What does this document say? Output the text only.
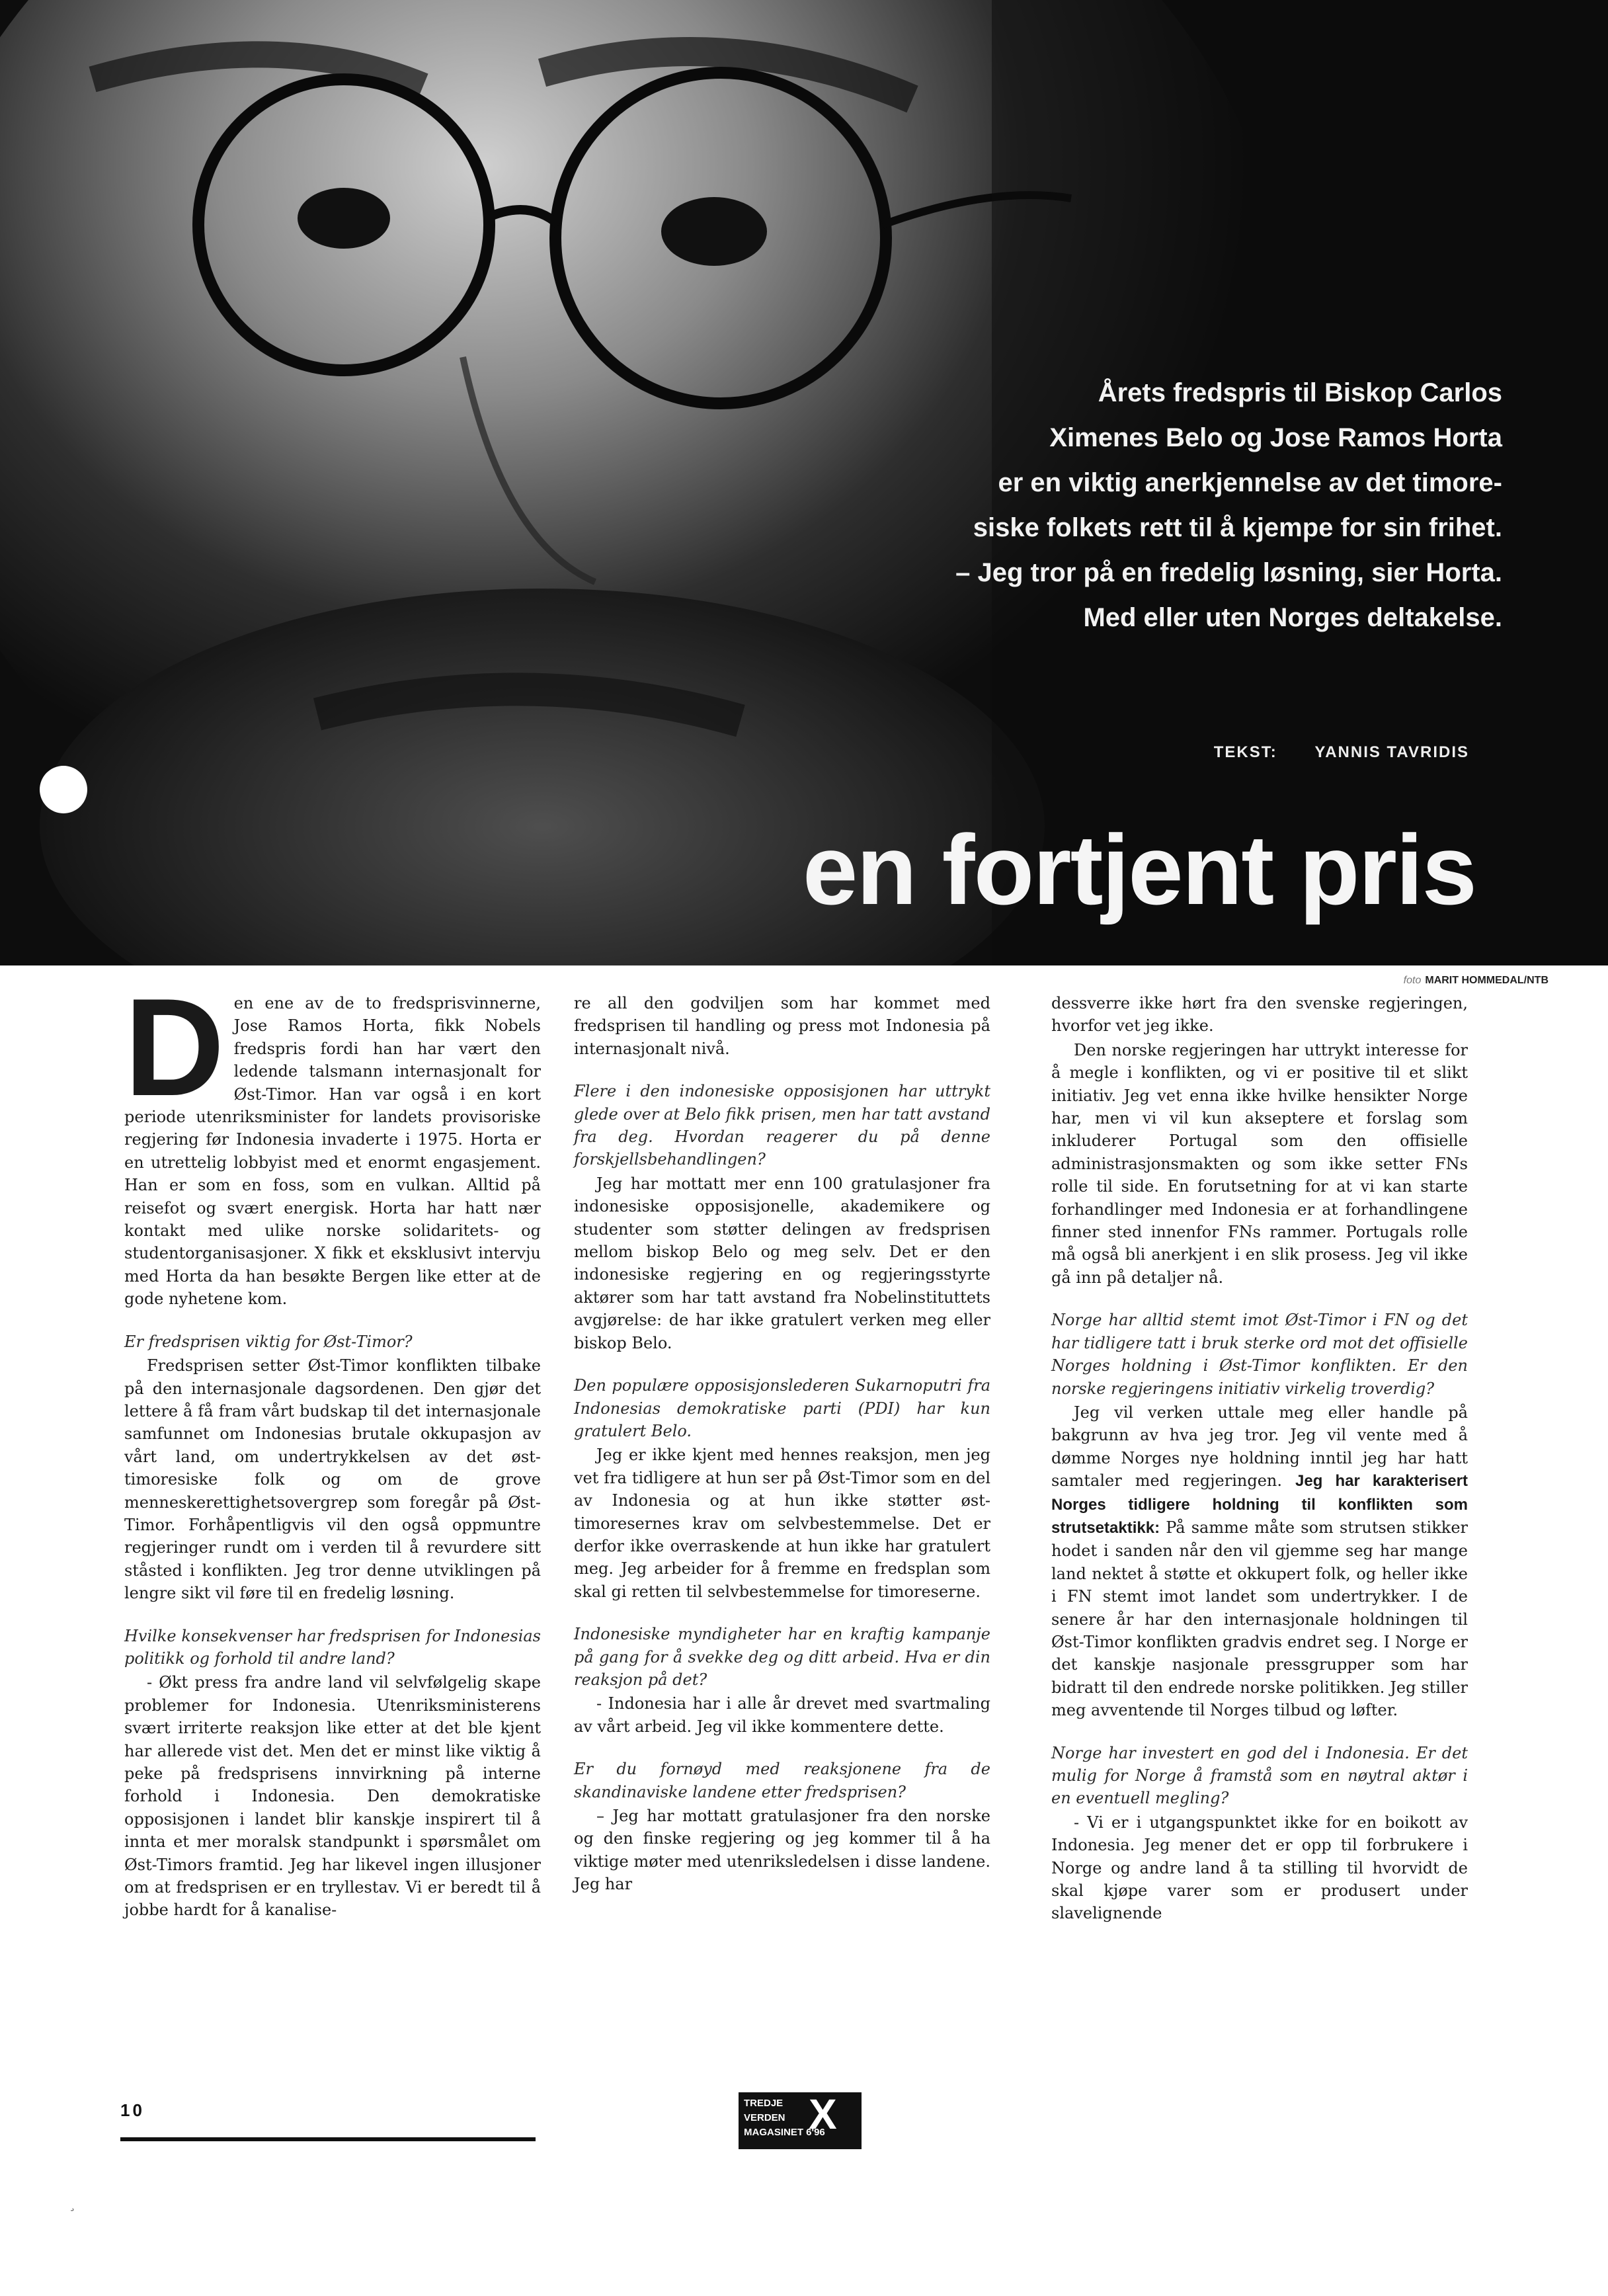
Årets fredspris til Biskop Carlos

Ximenes Belo og Jose Ramos Horta

er en viktig anerkjennelse av det timore-

siske folkets rett til å kjempe for sin frihet.

– Jeg tror på en fredelig løsning, sier Horta.

Med eller uten Norges deltakelse.

TEKST: YANNIS TAVRIDIS
en fortjent pris
foto MARIT HOMMEDAL/NTB

Den ene av de to fredsprisvinnerne, Jose Ramos Horta, fikk Nobels fredspris fordi han har vært den ledende talsmann internasjonalt for Øst-Timor. Han var også i en kort periode utenriksminister for landets provisoriske regjering før Indonesia invaderte i 1975. Horta er en utrettelig lobbyist med et enormt engasjement. Han er som en foss, som en vulkan. Alltid på reisefot og svært energisk. Horta har hatt nær kontakt med ulike norske solidaritets- og studentorganisasjoner. X fikk et eksklusivt intervju med Horta da han besøkte Bergen like etter at de gode nyhetene kom.

Er fredsprisen viktig for Øst-Timor?

Fredsprisen setter Øst-Timor konflikten tilbake på den internasjonale dagsordenen. Den gjør det lettere å få fram vårt budskap til det internasjonale samfunnet om Indonesias brutale okkupasjon av vårt land, om undertrykkelsen av det øst-timoresiske folk og om de grove menneskerettighetsovergrep som foregår på Øst-Timor. Forhåpentligvis vil den også oppmuntre regjeringer rundt om i verden til å revurdere sitt ståsted i konflikten. Jeg tror denne utviklingen på lengre sikt vil føre til en fredelig løsning.

Hvilke konsekvenser har fredsprisen for Indonesias politikk og forhold til andre land?

- Økt press fra andre land vil selvfølgelig skape problemer for Indonesia. Utenriksministerens svært irriterte reaksjon like etter at det ble kjent har allerede vist det. Men det er minst like viktig å peke på fredsprisens innvirkning på interne forhold i Indonesia. Den demokratiske opposisjonen i landet blir kanskje inspirert til å innta et mer moralsk standpunkt i spørsmålet om Øst-Timors framtid. Jeg har likevel ingen illusjoner om at fredsprisen er en tryllestav. Vi er beredt til å jobbe hardt for å kanalise-

re all den godviljen som har kommet med fredsprisen til handling og press mot Indonesia på internasjonalt nivå.

Flere i den indonesiske opposisjonen har uttrykt glede over at Belo fikk prisen, men har tatt avstand fra deg. Hvordan reagerer du på denne forskjellsbehandlingen?

Jeg har mottatt mer enn 100 gratulasjoner fra indonesiske opposisjonelle, akademikere og studenter som støtter delingen av fredsprisen mellom biskop Belo og meg selv. Det er den indonesiske regjering en og regjeringsstyrte aktører som har tatt avstand fra Nobelinstituttets avgjørelse: de har ikke gratulert verken meg eller biskop Belo.

Den populære opposisjonslederen Sukarnoputri fra Indonesias demokratiske parti (PDI) har kun gratulert Belo.

Jeg er ikke kjent med hennes reaksjon, men jeg vet fra tidligere at hun ser på Øst-Timor som en del av Indonesia og at hun ikke støtter øst-timoresernes krav om selvbestemmelse. Det er derfor ikke overraskende at hun ikke har gratulert meg. Jeg arbeider for å fremme en fredsplan som skal gi retten til selvbestemmelse for timoreserne.

Indonesiske myndigheter har en kraftig kampanje på gang for å svekke deg og ditt arbeid. Hva er din reaksjon på det?

- Indonesia har i alle år drevet med svartmaling av vårt arbeid. Jeg vil ikke kommentere dette.

Er du fornøyd med reaksjonene fra de skandinaviske landene etter fredsprisen?

– Jeg har mottatt gratulasjoner fra den norske og den finske regjering og jeg kommer til å ha viktige møter med utenriksledelsen i disse landene. Jeg har

dessverre ikke hørt fra den svenske regjeringen, hvorfor vet jeg ikke.

Den norske regjeringen har uttrykt interesse for å megle i konflikten, og vi er positive til et slikt initiativ. Jeg vet enna ikke hvilke hensikter Norge har, men vi vil kun akseptere et forslag som inkluderer Portugal som den offisielle administrasjonsmakten og som ikke setter FNs rolle til side. En forutsetning for at vi kan starte forhandlinger med Indonesia er at forhandlingene finner sted innenfor FNs rammer. Portugals rolle må også bli anerkjent i en slik prosess. Jeg vil ikke gå inn på detaljer nå.

Norge har alltid stemt imot Øst-Timor i FN og det har tidligere tatt i bruk sterke ord mot det offisielle Norges holdning i Øst-Timor konflikten. Er den norske regjeringens initiativ virkelig troverdig?

Jeg vil verken uttale meg eller handle på bakgrunn av hva jeg tror. Jeg vil vente med å dømme Norges nye holdning inntil jeg har hatt samtaler med regjeringen. Jeg har karakterisert Norges tidligere holdning til konflikten som strutsetaktikk: På samme måte som strutsen stikker hodet i sanden når den vil gjemme seg har mange land nektet å støtte et okkupert folk, og heller ikke i FN stemt imot landet som undertrykker. I de senere år har den internasjonale holdningen til Øst-Timor konflikten gradvis endret seg. I Norge er det kanskje nasjonale pressgrupper som har bidratt til den endrede norske politikken. Jeg stiller meg avventende til Norges tilbud og løfter.

Norge har investert en god del i Indonesia. Er det mulig for Norge å framstå som en nøytral aktør i en eventuell megling?

- Vi er i utgangspunktet ikke for en boikott av Indonesia. Jeg mener det er opp til forbrukere i Norge og andre land å ta stilling til hvorvidt de skal kjøpe varer som er produsert under slavelignende

10	TREDJE
VERDEN
MAGASINET 6'96
X
¸
